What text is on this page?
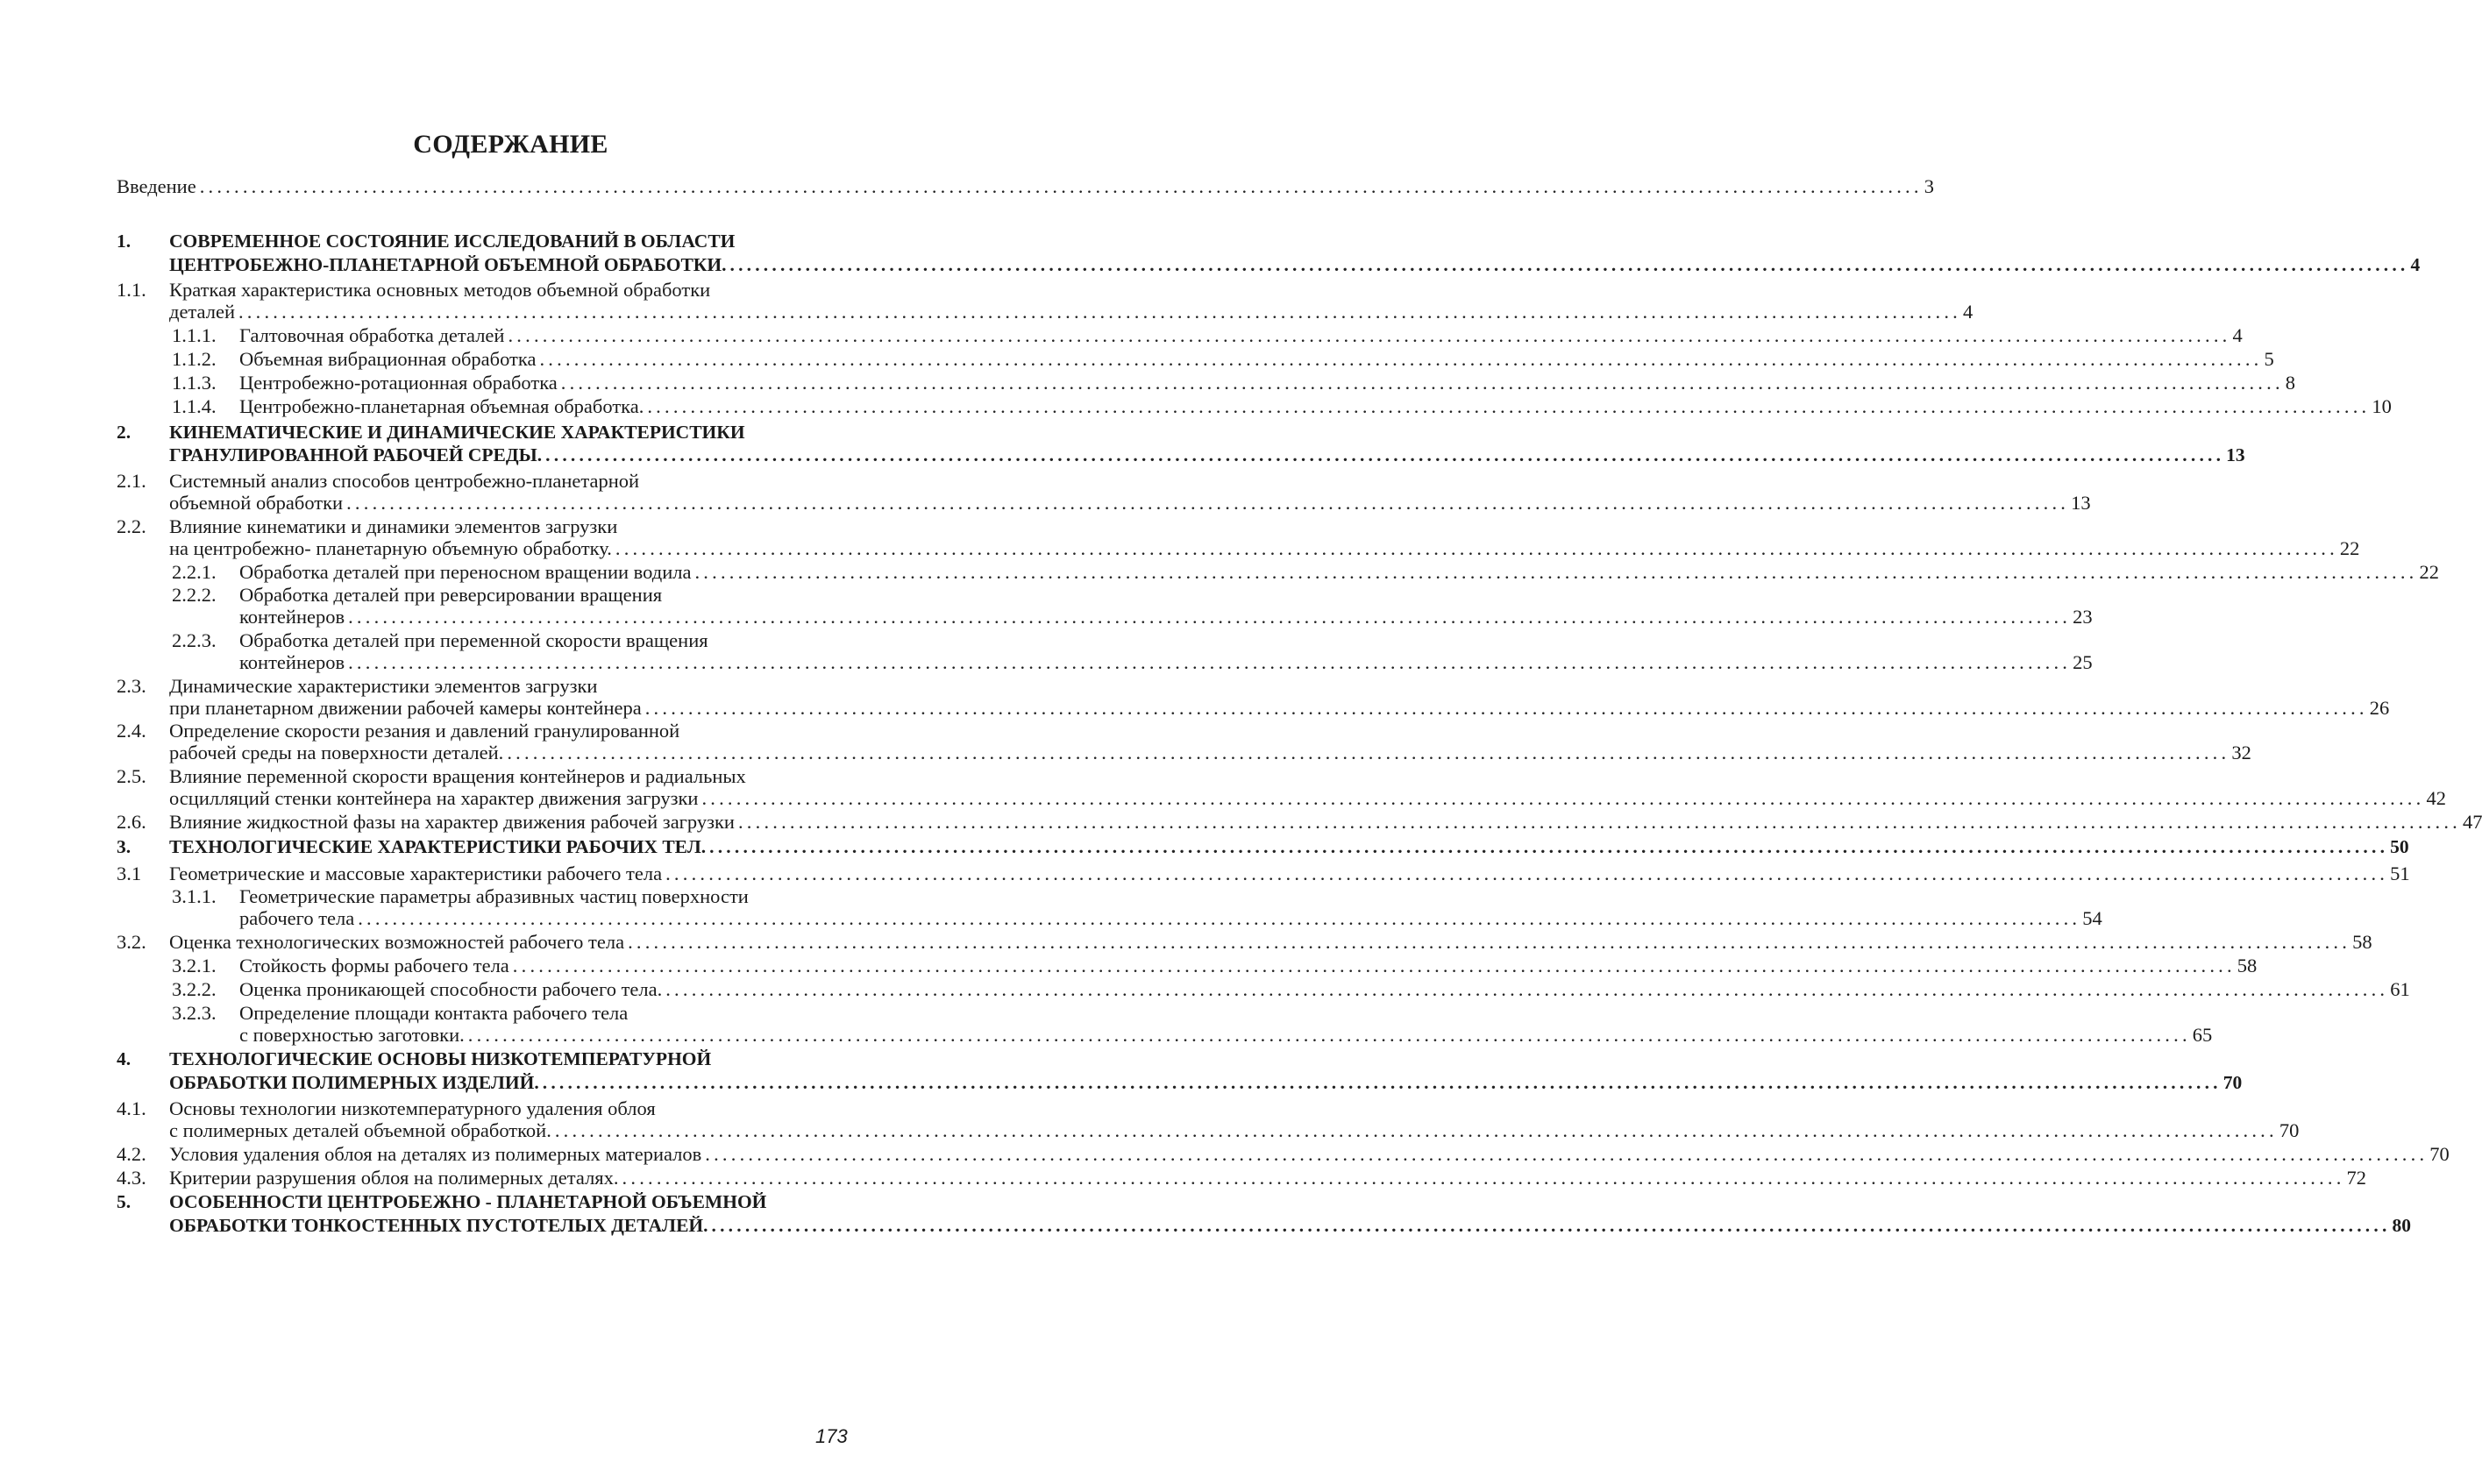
СОДЕРЖАНИЕ
Введение ........................................................................................................................................................................................................ 3
1. СОВРЕМЕННОЕ СОСТОЯНИЕ ИССЛЕДОВАНИЙ В ОБЛАСТИ
ЦЕНТРОБЕЖНО-ПЛАНЕТАРНОЙ ОБЪЕМНОЙ ОБРАБОТКИ. ........................................................................................................................................................................................................ 4
1.1. Краткая характеристика основных методов объемной обработки
деталей ........................................................................................................................................................................................................ 4
1.1.1. Галтовочная обработка деталей ........................................................................................................................................................................................................ 4
1.1.2. Объемная вибрационная обработка ........................................................................................................................................................................................................ 5
1.1.3. Центробежно-ротационная обработка ........................................................................................................................................................................................................ 8
1.1.4. Центробежно-планетарная объемная обработка. ........................................................................................................................................................................................................ 10
2. КИНЕМАТИЧЕСКИЕ И ДИНАМИЧЕСКИЕ ХАРАКТЕРИСТИКИ
ГРАНУЛИРОВАННОЙ РАБОЧЕЙ СРЕДЫ. ........................................................................................................................................................................................................ 13
2.1. Системный анализ способов центробежно-планетарной
объемной обработки ........................................................................................................................................................................................................ 13
2.2. Влияние кинематики и динамики элементов загрузки
на центробежно- планетарную объемную обработку. ........................................................................................................................................................................................................ 22
2.2.1. Обработка деталей при переносном вращении водила ........................................................................................................................................................................................................ 22
2.2.2. Обработка деталей при реверсировании вращения
контейнеров ........................................................................................................................................................................................................ 23
2.2.3. Обработка деталей при переменной скорости вращения
контейнеров ........................................................................................................................................................................................................ 25
2.3. Динамические характеристики элементов загрузки
при планетарном движении рабочей камеры контейнера ........................................................................................................................................................................................................ 26
2.4. Определение скорости резания и давлений гранулированной
рабочей среды на поверхности деталей. ........................................................................................................................................................................................................ 32
2.5. Влияние переменной скорости вращения контейнеров и радиальных
осцилляций стенки контейнера на характер движения загрузки ........................................................................................................................................................................................................ 42
2.6. Влияние жидкостной фазы на характер движения рабочей загрузки ........................................................................................................................................................................................................ 47
3. ТЕХНОЛОГИЧЕСКИЕ ХАРАКТЕРИСТИКИ РАБОЧИХ ТЕЛ. ........................................................................................................................................................................................................ 50
3.1 Геометрические и массовые характеристики рабочего тела ........................................................................................................................................................................................................ 51
3.1.1. Геометрические параметры абразивных частиц поверхности
рабочего тела ........................................................................................................................................................................................................ 54
3.2. Оценка технологических возможностей рабочего тела ........................................................................................................................................................................................................ 58
3.2.1. Стойкость формы рабочего тела ........................................................................................................................................................................................................ 58
3.2.2. Оценка проникающей способности рабочего тела. ........................................................................................................................................................................................................ 61
3.2.3. Определение площади контакта рабочего тела
с поверхностью заготовки. ........................................................................................................................................................................................................ 65
4. ТЕХНОЛОГИЧЕСКИЕ ОСНОВЫ НИЗКОТЕМПЕРАТУРНОЙ
ОБРАБОТКИ ПОЛИМЕРНЫХ ИЗДЕЛИЙ. ........................................................................................................................................................................................................ 70
4.1. Основы технологии низкотемпературного удаления облоя
с полимерных деталей объемной обработкой. ........................................................................................................................................................................................................ 70
4.2. Условия удаления облоя на деталях из полимерных материалов ........................................................................................................................................................................................................ 70
4.3. Критерии разрушения облоя на полимерных деталях. ........................................................................................................................................................................................................ 72
5. ОСОБЕННОСТИ ЦЕНТРОБЕЖНО - ПЛАНЕТАРНОЙ ОБЪЕМНОЙ
ОБРАБОТКИ ТОНКОСТЕННЫХ ПУСТОТЕЛЫХ ДЕТАЛЕЙ. ........................................................................................................................................................................................................ 80
173
